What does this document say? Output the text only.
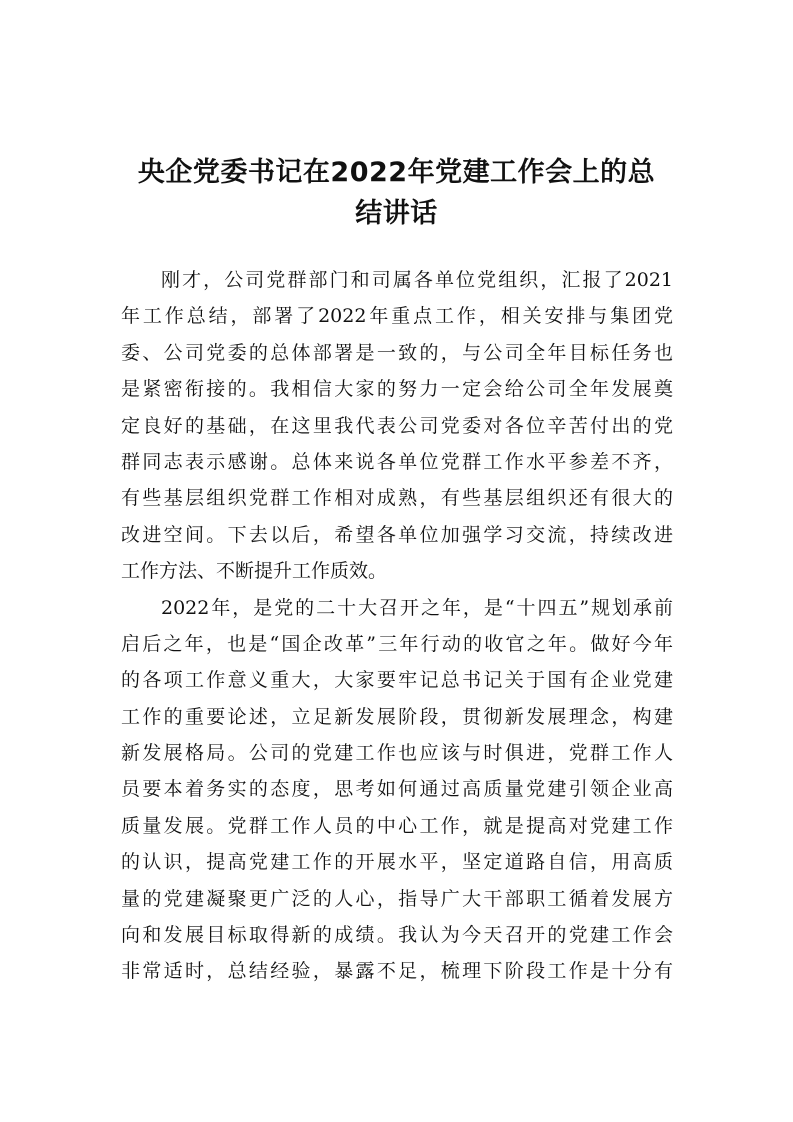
央企党委书记在2022年党建工作会上的总
结讲话
刚才，公司党群部门和司属各单位党组织，汇报了2021
年工作总结，部署了2022年重点工作，相关安排与集团党
委、公司党委的总体部署是一致的，与公司全年目标任务也
是紧密衔接的。我相信大家的努力一定会给公司全年发展奠
定良好的基础，在这里我代表公司党委对各位辛苦付出的党
群同志表示感谢。总体来说各单位党群工作水平参差不齐，
有些基层组织党群工作相对成熟，有些基层组织还有很大的
改进空间。下去以后，希望各单位加强学习交流，持续改进
工作方法、不断提升工作质效。
2022年，是党的二十大召开之年，是“十四五”规划承前
启后之年，也是“国企改革”三年行动的收官之年。做好今年
的各项工作意义重大，大家要牢记总书记关于国有企业党建
工作的重要论述，立足新发展阶段，贯彻新发展理念，构建
新发展格局。公司的党建工作也应该与时俱进，党群工作人
员要本着务实的态度，思考如何通过高质量党建引领企业高
质量发展。党群工作人员的中心工作，就是提高对党建工作
的认识，提高党建工作的开展水平，坚定道路自信，用高质
量的党建凝聚更广泛的人心，指导广大干部职工循着发展方
向和发展目标取得新的成绩。我认为今天召开的党建工作会
非常适时，总结经验，暴露不足，梳理下阶段工作是十分有
